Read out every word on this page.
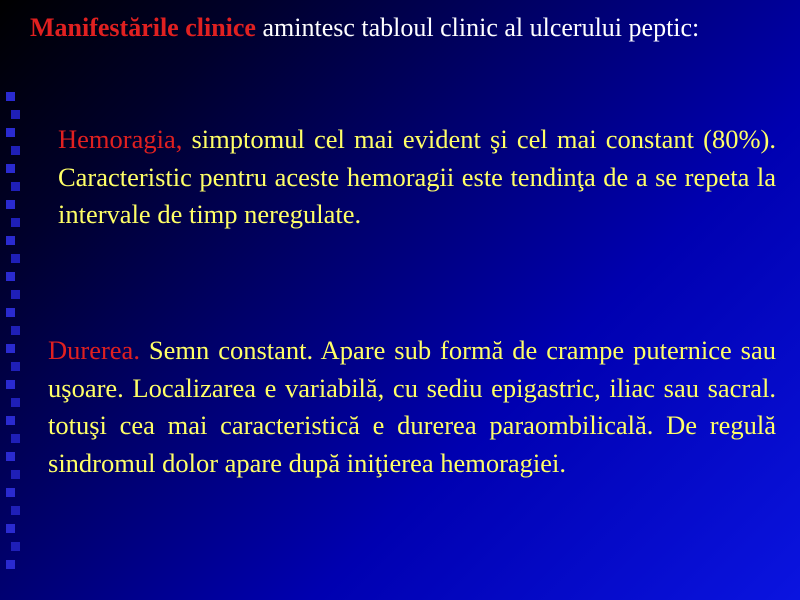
Manifestările clinice amintesc tabloul clinic al ulcerului peptic:

Hemoragia, simptomul cel mai evident şi cel mai constant (80%). Caracteristic pentru aceste hemoragii este tendinţa de a se repeta la intervale de timp neregulate.

Durerea. Semn constant. Apare sub formă de crampe puternice sau uşoare. Localizarea e variabilă, cu sediu epigastric, iliac sau sacral. totuşi cea mai caracteristică e durerea paraombilicală. De regulă sindromul dolor apare după iniţierea hemoragiei.
